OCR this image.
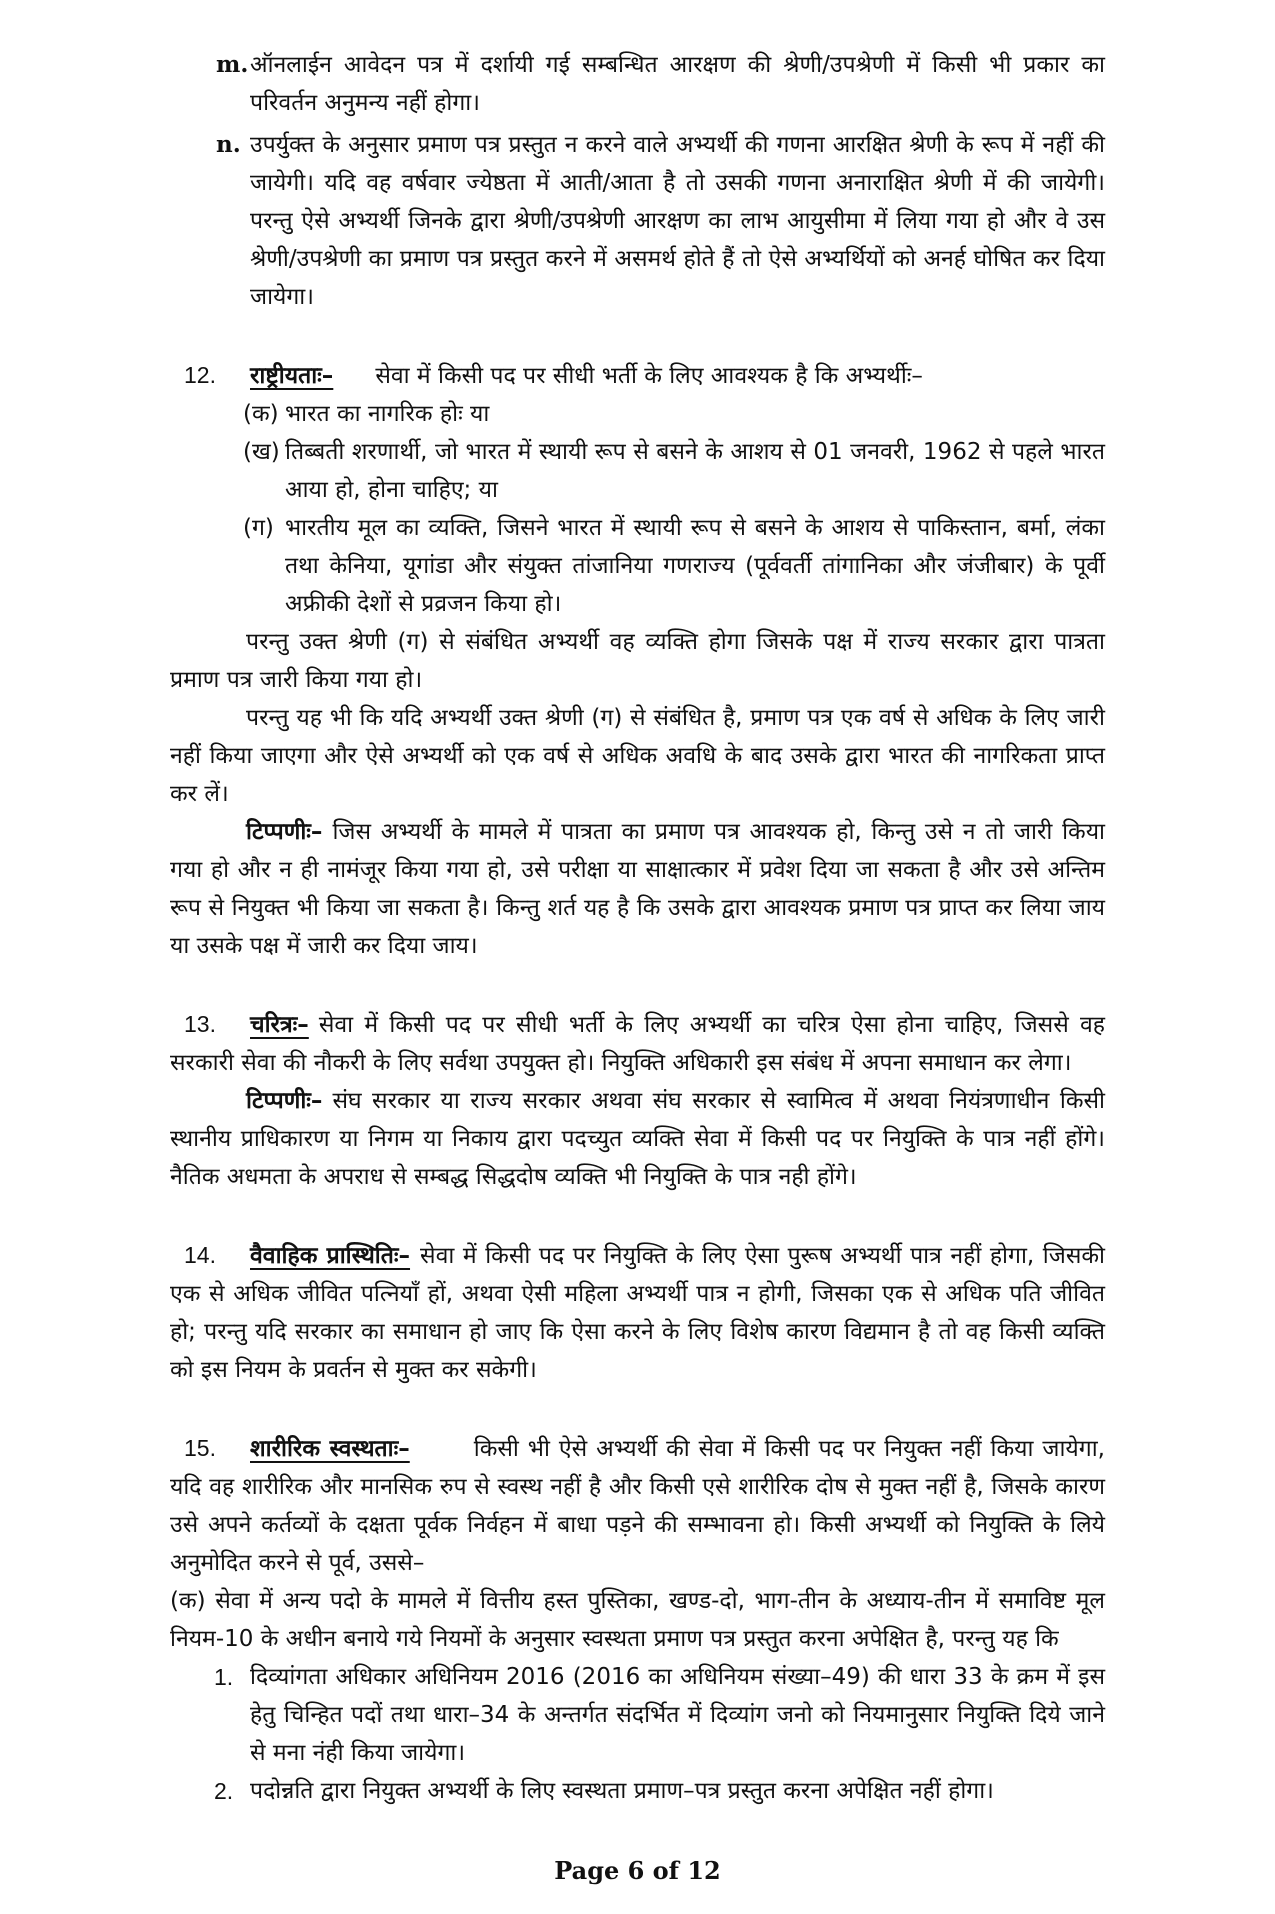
m. ऑनलाईन आवेदन पत्र में दर्शायी गई सम्बन्धित आरक्षण की श्रेणी/उपश्रेणी में किसी भी प्रकार का परिवर्तन अनुमन्य नहीं होगा।
n. उपर्युक्त के अनुसार प्रमाण पत्र प्रस्तुत न करने वाले अभ्यर्थी की गणना आरक्षित श्रेणी के रूप में नहीं की जायेगी। यदि वह वर्षवार ज्येष्ठता में आती/आता है तो उसकी गणना अनाराक्षित श्रेणी में की जायेगी। परन्तु ऐसे अभ्यर्थी जिनके द्वारा श्रेणी/उपश्रेणी आरक्षण का लाभ आयुसीमा में लिया गया हो और वे उस श्रेणी/उपश्रेणी का प्रमाण पत्र प्रस्तुत करने में असमर्थ होते हैं तो ऐसे अभ्यर्थियों को अनर्ह घोषित कर दिया जायेगा।

12. राष्ट्रीयताः– सेवा में किसी पद पर सीधी भर्ती के लिए आवश्यक है कि अभ्यर्थीः–

(क) भारत का नागरिक होः या
(ख) तिब्बती शरणार्थी, जो भारत में स्थायी रूप से बसने के आशय से 01 जनवरी, 1962 से पहले भारत आया हो, होना चाहिए; या
(ग) भारतीय मूल का व्यक्ति, जिसने भारत में स्थायी रूप से बसने के आशय से पाकिस्तान, बर्मा, लंका तथा केनिया, यूगांडा और संयुक्त तांजानिया गणराज्य (पूर्ववर्ती तांगानिका और जंजीबार) के पूर्वी अफ्रीकी देशों से प्रव्रजन किया हो।

परन्तु उक्त श्रेणी (ग) से संबंधित अभ्यर्थी वह व्यक्ति होगा जिसके पक्ष में राज्य सरकार द्वारा पात्रता प्रमाण पत्र जारी किया गया हो।

परन्तु यह भी कि यदि अभ्यर्थी उक्त श्रेणी (ग) से संबंधित है, प्रमाण पत्र एक वर्ष से अधिक के लिए जारी नहीं किया जाएगा और ऐसे अभ्यर्थी को एक वर्ष से अधिक अवधि के बाद उसके द्वारा भारत की नागरिकता प्राप्त कर लें।

टिप्पणीः– जिस अभ्यर्थी के मामले में पात्रता का प्रमाण पत्र आवश्यक हो, किन्तु उसे न तो जारी किया गया हो और न ही नामंजूर किया गया हो, उसे परीक्षा या साक्षात्कार में प्रवेश दिया जा सकता है और उसे अन्तिम रूप से नियुक्त भी किया जा सकता है। किन्तु शर्त यह है कि उसके द्वारा आवश्यक प्रमाण पत्र प्राप्त कर लिया जाय या उसके पक्ष में जारी कर दिया जाय।

13. चरित्रः– सेवा में किसी पद पर सीधी भर्ती के लिए अभ्यर्थी का चरित्र ऐसा होना चाहिए, जिससे वह सरकारी सेवा की नौकरी के लिए सर्वथा उपयुक्त हो। नियुक्ति अधिकारी इस संबंध में अपना समाधान कर लेगा।

टिप्पणीः– संघ सरकार या राज्य सरकार अथवा संघ सरकार से स्वामित्व में अथवा नियंत्रणाधीन किसी स्थानीय प्राधिकारण या निगम या निकाय द्वारा पदच्युत व्यक्ति सेवा में किसी पद पर नियुक्ति के पात्र नहीं होंगे। नैतिक अधमता के अपराध से सम्बद्ध सिद्धदोष व्यक्ति भी नियुक्ति के पात्र नही होंगे।

14. वैवाहिक प्रास्थितिः– सेवा में किसी पद पर नियुक्ति के लिए ऐसा पुरूष अभ्यर्थी पात्र नहीं होगा, जिसकी एक से अधिक जीवित पत्नियाँ हों, अथवा ऐसी महिला अभ्यर्थी पात्र न होगी, जिसका एक से अधिक पति जीवित हो; परन्तु यदि सरकार का समाधान हो जाए कि ऐसा करने के लिए विशेष कारण विद्यमान है तो वह किसी व्यक्ति को इस नियम के प्रवर्तन से मुक्त कर सकेगी।

15. शारीरिक स्वस्थताः–	किसी भी ऐसे अभ्यर्थी की सेवा में किसी पद पर नियुक्त नहीं किया जायेगा, यदि वह शारीरिक और मानसिक रुप से स्वस्थ नहीं है और किसी एसे शारीरिक दोष से मुक्त नहीं है, जिसके कारण उसे अपने कर्तव्यों के दक्षता पूर्वक निर्वहन में बाधा पड़ने की सम्भावना हो। किसी अभ्यर्थी को नियुक्ति के लिये अनुमोदित करने से पूर्व, उससे–

(क) सेवा में अन्य पदो के मामले में वित्तीय हस्त पुस्तिका, खण्ड-दो, भाग-तीन के अध्याय-तीन में समाविष्ट मूल नियम-10 के अधीन बनाये गये नियमों के अनुसार स्वस्थता प्रमाण पत्र प्रस्तुत करना अपेक्षित है, परन्तु यह कि

1. दिव्यांगता अधिकार अधिनियम 2016 (2016 का अधिनियम संख्या–49) की धारा 33 के क्रम में इस हेतु चिन्हित पदों तथा धारा–34 के अन्तर्गत संदर्भित में दिव्यांग जनो को नियमानुसार नियुक्ति दिये जाने से मना नंही किया जायेगा।
2. पदोन्नति द्वारा नियुक्त अभ्यर्थी के लिए स्वस्थता प्रमाण–पत्र प्रस्तुत करना अपेक्षित नहीं होगा।
Page 6 of 12
